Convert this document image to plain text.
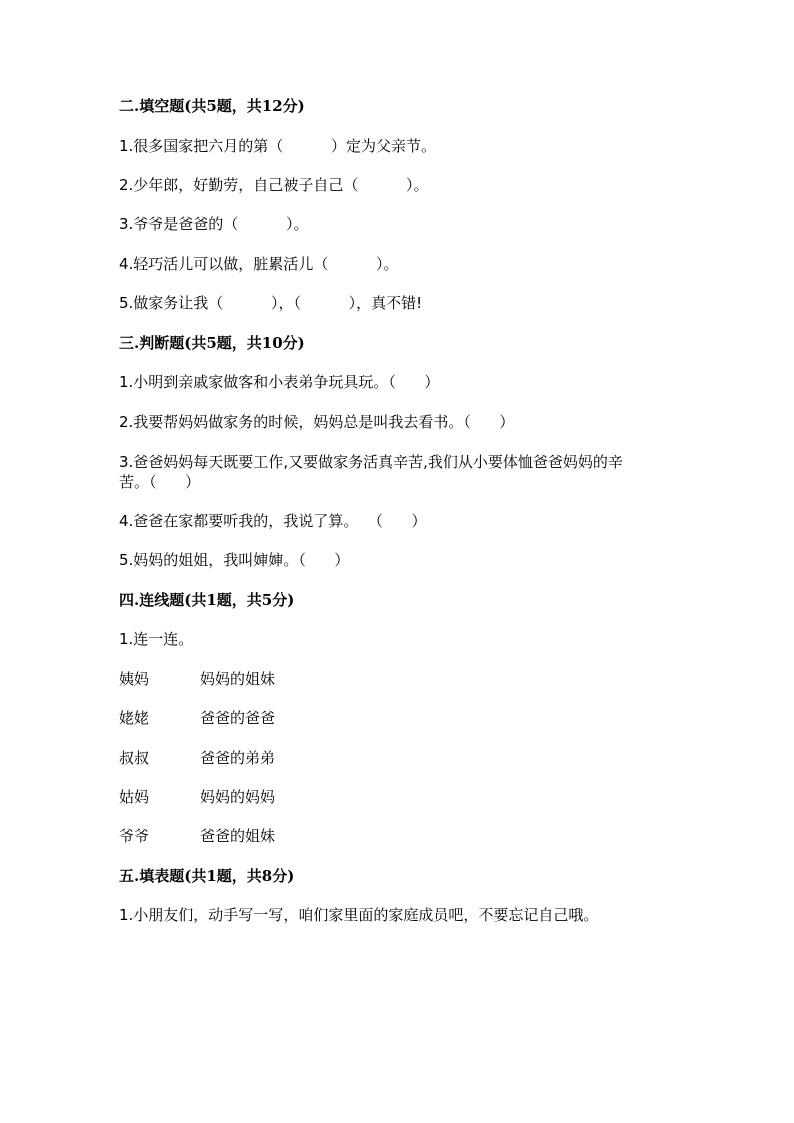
二.填空题(共5题，共12分)
1.很多国家把六月的第（          ）定为父亲节。
2.少年郎，好勤劳，自己被子自己（          ）。
3.爷爷是爸爸的（          ）。
4.轻巧活儿可以做，脏累活儿（          ）。
5.做家务让我（          ），（          ），真不错!
三.判断题(共5题，共10分)
1.小明到亲戚家做客和小表弟争玩具玩。（      ）
2.我要帮妈妈做家务的时候，妈妈总是叫我去看书。（      ）
3.爸爸妈妈每天既要工作,又要做家务活真辛苦,我们从小要体恤爸爸妈妈的辛
苦。（      ）
4.爸爸在家都要听我的，我说了算。  （      ）
5.妈妈的姐姐，我叫婶婶。（      ）
四.连线题(共1题，共5分)
1.连一连。
姨妈	妈妈的姐妹
姥姥	爸爸的爸爸
叔叔	爸爸的弟弟
姑妈	妈妈的妈妈
爷爷	爸爸的姐妹
五.填表题(共1题，共8分)
1.小朋友们，动手写一写，咱们家里面的家庭成员吧，不要忘记自己哦。
